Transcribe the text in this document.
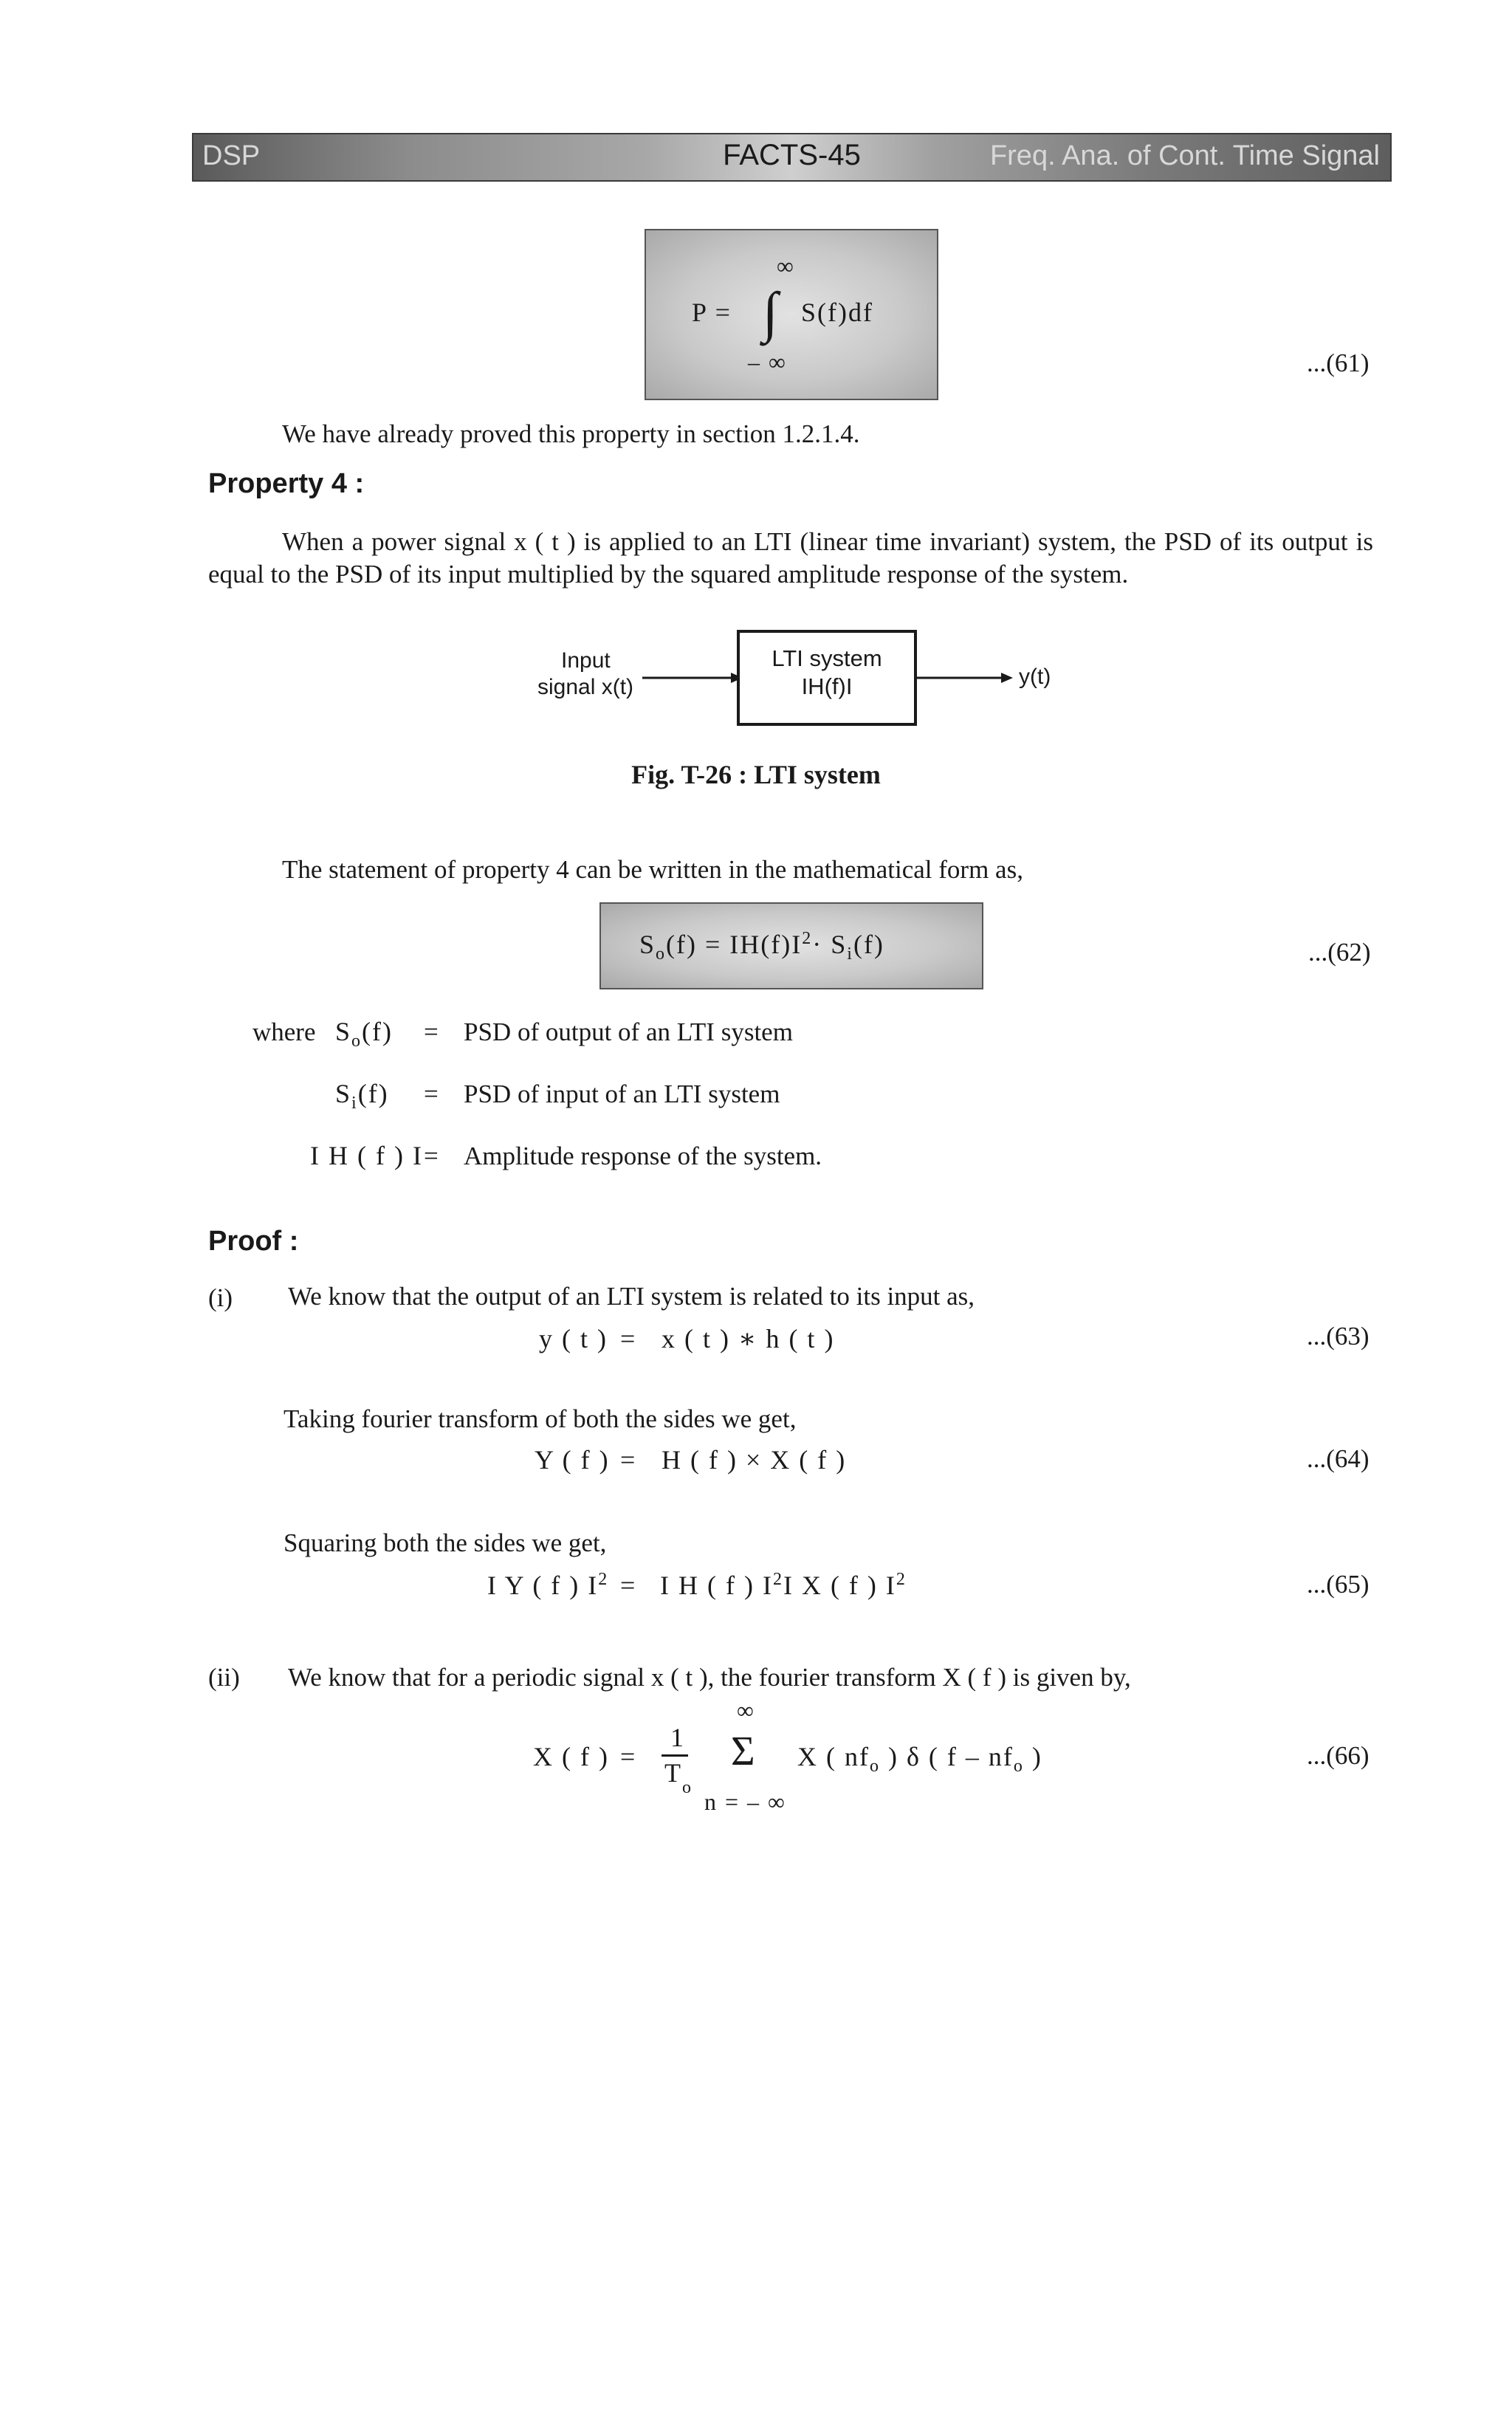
DSP	FACTS-45	Freq. Ana. of Cont. Time Signal
∞
P = ∫ S(f)df
– ∞	...(61)
We have already proved this property in section 1.2.1.4.
Property 4 :
When a power signal x ( t ) is applied to an LTI (linear time invariant) system, the PSD of its output is equal to the PSD of its input multiplied by the squared amplitude response of the system.
Input
signal x(t)
LTI system
IH(f)I	y(t)
Fig. T-26 : LTI system
The statement of property 4 can be written in the mathematical form as,
$S_o(f) = IH(f)I^2\cdot S_i(f)$	...(62)
where $S_o(f)$ = PSD of output of an LTI system
$S_i(f)$ = PSD of input of an LTI system
I H ( f ) I = Amplitude response of the system.
Proof :
(i) We know that the output of an LTI system is related to its input as,
y ( t ) = x ( t ) ∗ h ( t )	...(63)
Taking fourier transform of both the sides we get,
Y ( f ) = H ( f ) × X ( f )	...(64)
Squaring both the sides we get,
I Y ( f ) $I^2 = I$ H ( f ) $I^2I$ X ( f ) $I^2$	...(65)
(ii) We know that for a periodic signal x ( t ), the fourier transform X ( f ) is given by,
X ( f ) =
1
T o
∞
Σ
n = – ∞
X ( $nf_o$ ) δ ( f – $nf_o$ )	...(66)
